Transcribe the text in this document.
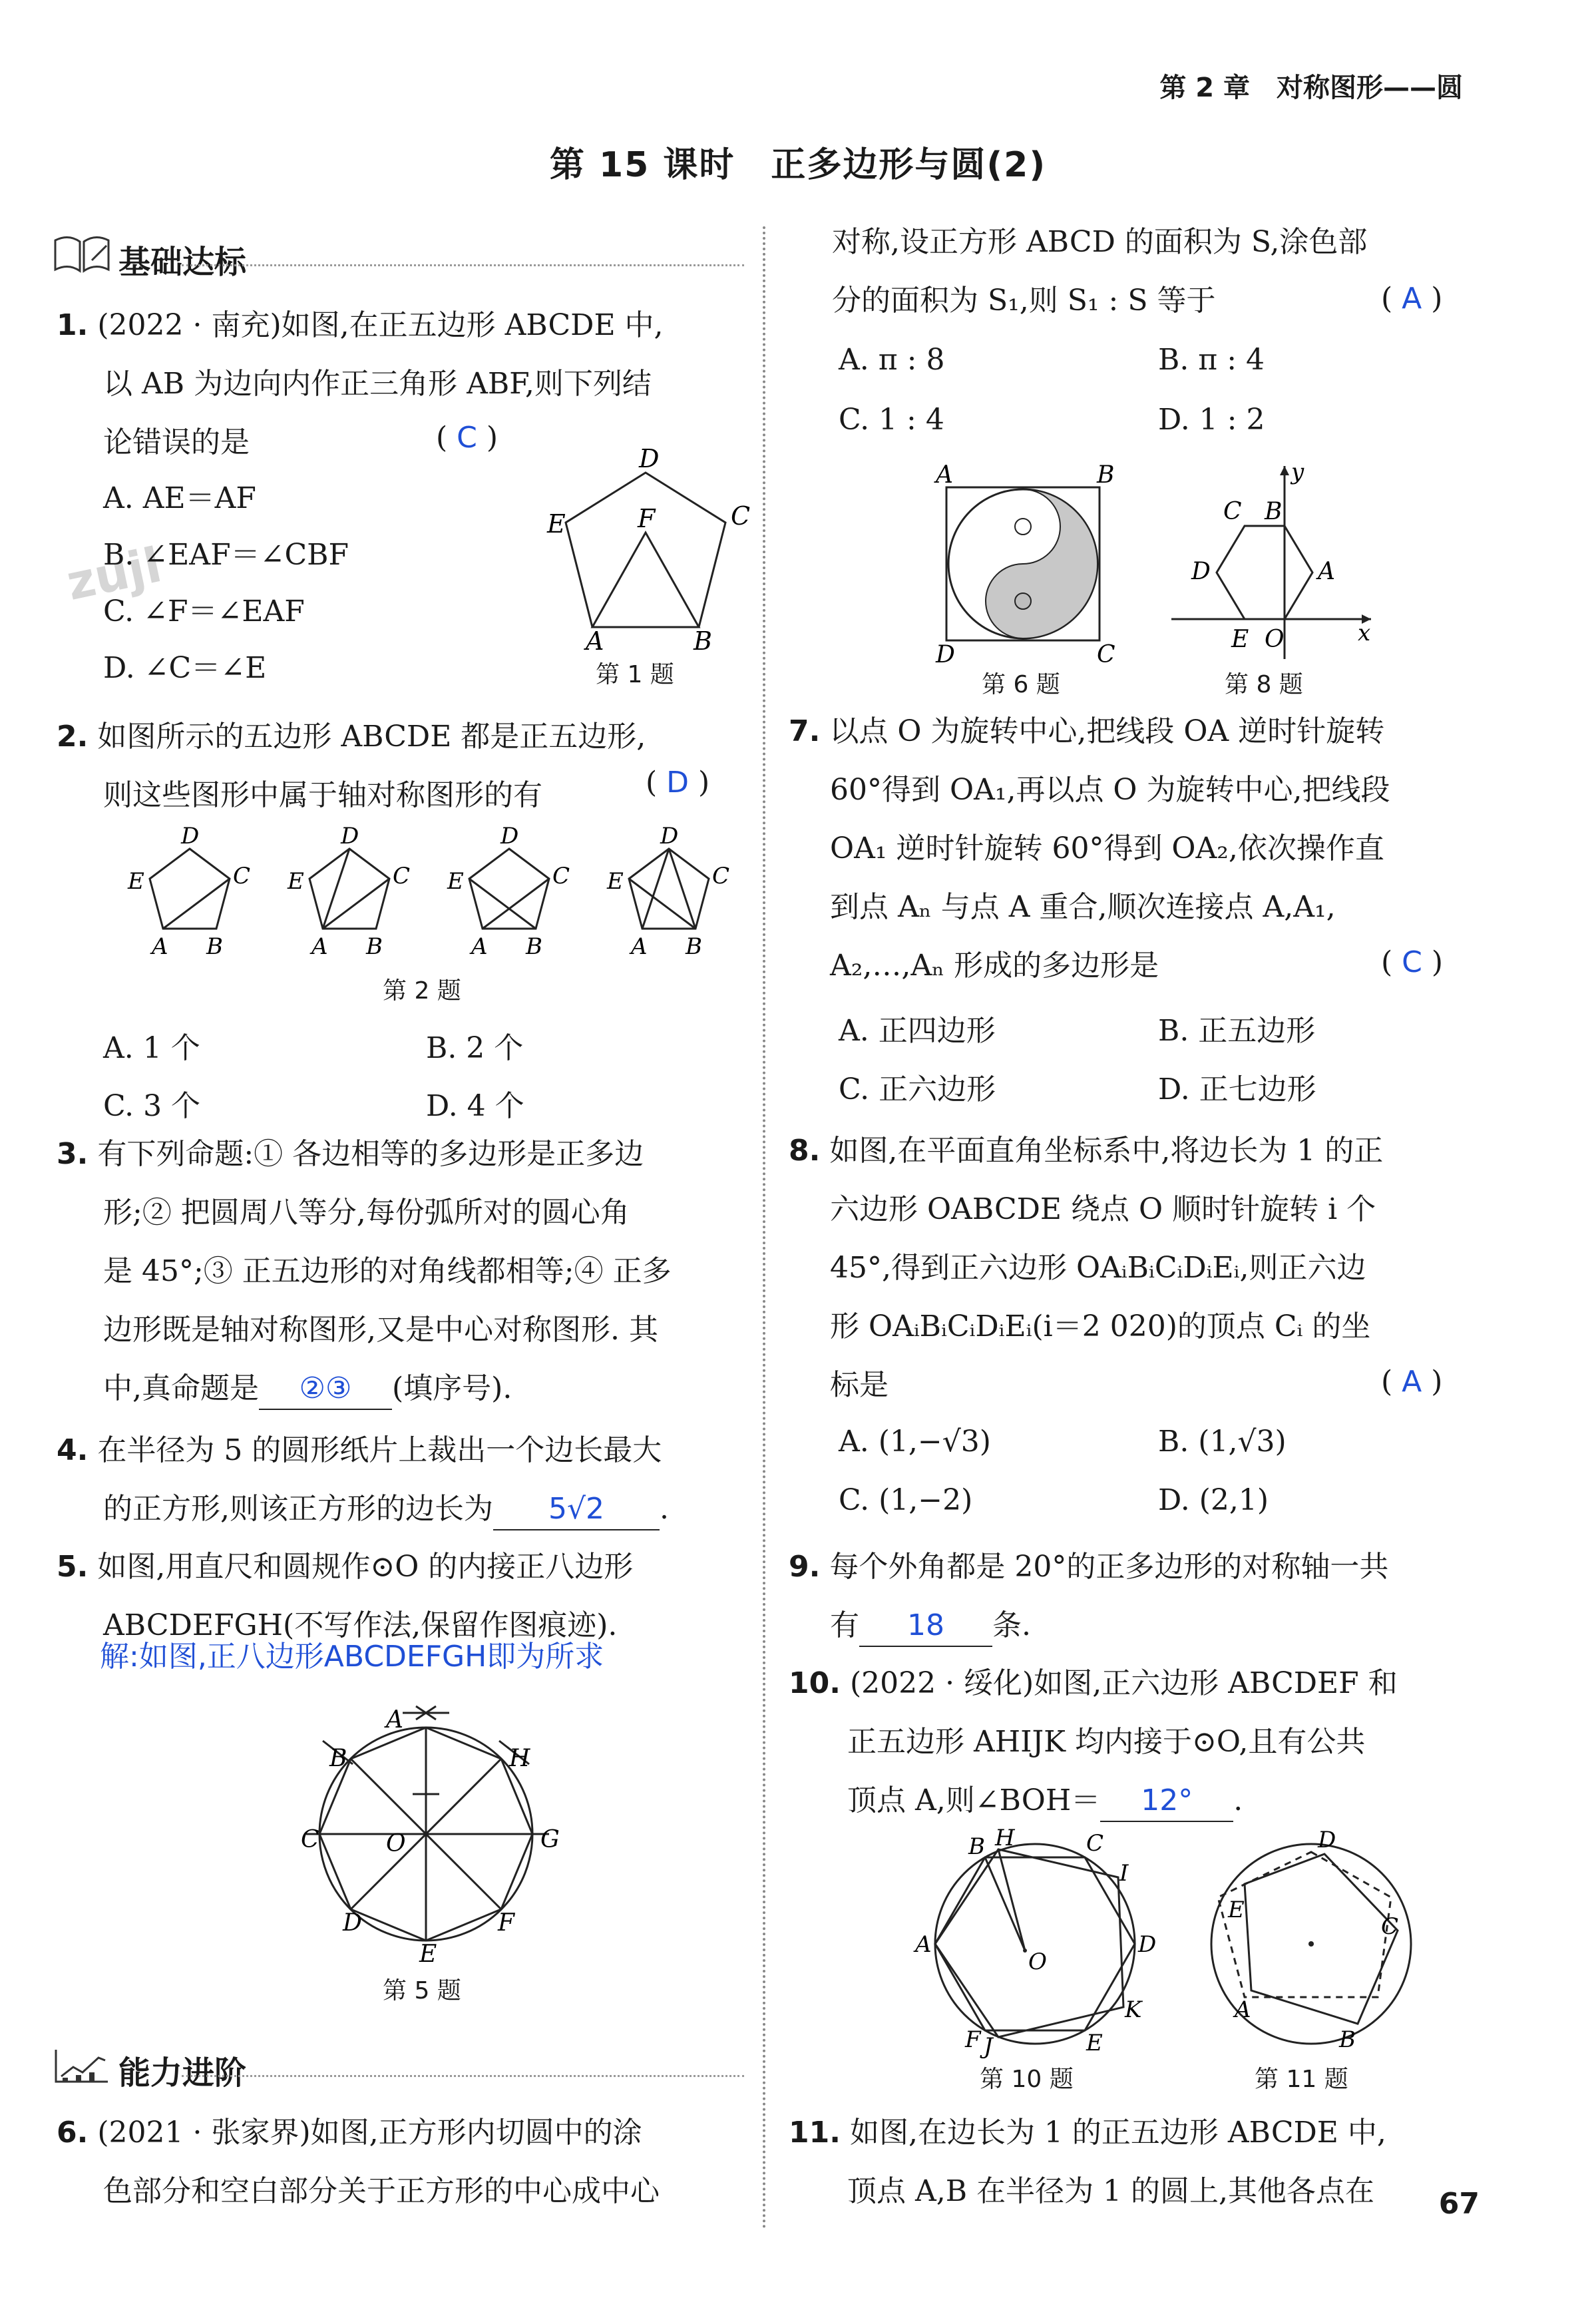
第 2 章　对称图形——圆
第 15 课时　正多边形与圆(2)
zujl
基础达标
1. (2022 · 南充)如图,在正五边形 ABCDE 中,
以 AB 为边向内作正三角形 ABF,则下列结
论错误的是	( C )
A. AE＝AF
B. ∠EAF＝∠CBF
C. ∠F＝∠EAF
D. ∠C＝∠E
D
C
E	F
A	B
第 1 题
2. 如图所示的五边形 ABCDE 都是正五边形,
则这些图形中属于轴对称图形的有	( D )
D
C
E
A B
D
C
E
A B
D
C
E
A B
D
C
E
A B
第 2 题
A. 1 个	B. 2 个
C. 3 个	D. 4 个
3. 有下列命题:① 各边相等的多边形是正多边
形;② 把圆周八等分,每份弧所对的圆心角
是 45°;③ 正五边形的对角线都相等;④ 正多
边形既是轴对称图形,又是中心对称图形. 其
中,真命题是 ②③ (填序号).
4. 在半径为 5 的圆形纸片上裁出一个边长最大
的正方形,则该正方形的边长为 5√2 .
5. 如图,用直尺和圆规作⊙O 的内接正八边形
ABCDEFGH(不写作法,保留作图痕迹).
解:如图,正八边形ABCDEFGH即为所求
A
B
C
D
E
F
G
H
O
第 5 题
能力进阶
6. (2021 · 张家界)如图,正方形内切圆中的涂
色部分和空白部分关于正方形的中心成中心
对称,设正方形 ABCD 的面积为 S,涂色部
分的面积为 S₁,则 S₁ : S 等于	( A )
A. π : 8	B. π : 4
C. 1 : 4	D. 1 : 2
A	B
D	C
第 6 题
y
x
B
C
A
D
E O
第 8 题
7. 以点 O 为旋转中心,把线段 OA 逆时针旋转
60°得到 OA₁,再以点 O 为旋转中心,把线段
OA₁ 逆时针旋转 60°得到 OA₂,依次操作直
到点 Aₙ 与点 A 重合,顺次连接点 A,A₁,
A₂,…,Aₙ 形成的多边形是	( C )
A. 正四边形	B. 正五边形
C. 正六边形	D. 正七边形
8. 如图,在平面直角坐标系中,将边长为 1 的正
六边形 OABCDE 绕点 O 顺时针旋转 i 个
45°,得到正六边形 OAᵢBᵢCᵢDᵢEᵢ,则正六边
形 OAᵢBᵢCᵢDᵢEᵢ(i＝2 020)的顶点 Cᵢ 的坐
标是	( A )
A. (1,−√3)	B. (1,√3)
C. (1,−2)	D. (2,1)
9. 每个外角都是 20°的正多边形的对称轴一共
有 18 条.
10. (2022 · 绥化)如图,正六边形 ABCDEF 和
正五边形 AHIJK 均内接于⊙O,且有公共
顶点 A,则∠BOH＝ 12° .
A
B H	C
I
D
K
E
F J
O
第 10 题
D
C
E
A
B
第 11 题
11. 如图,在边长为 1 的正五边形 ABCDE 中,
顶点 A,B 在半径为 1 的圆上,其他各点在	67
